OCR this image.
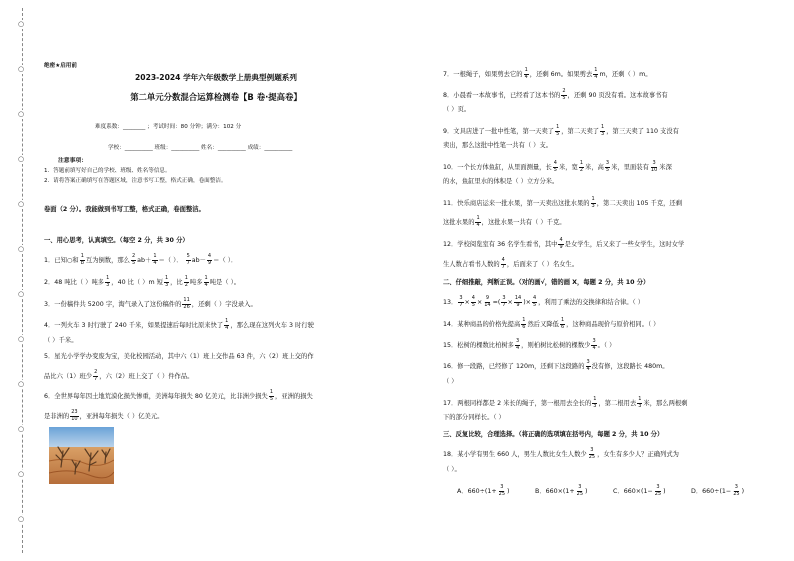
○
○
○
○
○
○
○
○
○
○
○
○
绝密★启用前
2023-2024 学年六年级数学上册典型例题系列
第二单元分数混合运算检测卷【B 卷·提高卷】
难度系数：________ ；考试时间：80 分钟；满分：102 分
学校：__________ 班级：__________ 姓名：__________ 成绩：__________
注意事项：
1．答题前填写好自己的学校、班级、姓名等信息。
2．请将答案正确填写在答题区域，注意书写工整，格式正确，卷面整洁。
卷面（2 分）。我能做到书写工整，格式正确，卷面整洁。
一、用心思考，认真填空。（每空 2 分，共 30 分）
1．已知○和 $\frac{1}{b}$ 互为倒数，那么 $\frac{2}{5} ab+ \frac{1}{4}$ ＝（ ）． $\frac{5}{7} ab- \frac{4}{9}$ ＝（ ）．
2．48 吨比（ ）吨多 $\frac{1}{3}$ ，40 比（ ）m 短 $\frac{1}{3}$ ，比 $\frac{1}{2}$ 吨多 $\frac{1}{4}$ 吨是（ ）。
3．一份稿件共 5200 字，淘气录入了这份稿件的 $\frac{11}{26}$ ，还剩（ ）字没录入。
4．一列火车 3 时行驶了 240 千米，如果提速后每时比原来快了 $\frac{1}{4}$ ，那么现在这列火车 3 时行驶
（ ）千米。
5．星光小学学办变废为宝，美化校园活动，其中六（1）班上交作品 63 件，六（2）班上交的作
品比六（1）班少 $\frac{2}{7}$ ，六（2）班上交了（ ）件作品。
6．全世界每年因土地荒漠化损失惨重，美洲每年损失 80 亿美元，比非洲少损失 $\frac{1}{5}$ ，亚洲的损失
是非洲的 $\frac{23}{10}$ ，亚洲每年损失（ ）亿美元。
7．一根绳子，如果剪去它的 $\frac{1}{4}$ ，还剩 6m。如果剪去 $\frac{1}{4}$ m，还剩（ ）m。
8．小晨看一本故事书，已经看了这本书的 $\frac{2}{5}$ ，还剩 90 页没有看。这本故事书有
（ ）页。
9．文具店进了一批中性笔，第一天卖了 $\frac{1}{5}$ ，第二天卖了 $\frac{1}{3}$ ，第三天卖了 110 支没有
卖出，那么这批中性笔一共有（ ）支。
10．一个长方体鱼缸，从里面测量，长 $\frac{4}{5}$ 米，宽 $\frac{1}{2}$ 米，高 $\frac{3}{5}$ 米，里面装有 $\frac{3}{10}$ 米深
的水，鱼缸里水的体积是（ ）立方分米。
11．快乐商店运来一批水果，第一天卖出这批水果的 $\frac{1}{3}$ ，第二天卖出 105 千克，还剩
这批水果的 $\frac{1}{4}$ ，这批水果一共有（ ）千克。
12．学校阅览室有 36 名学生看书，其中 $\frac{4}{9}$ 是女学生，后又来了一些女学生，这时女学
生人数占看书人数的 $\frac{4}{7}$ ，后面来了（ ）名女生。
二、仔细推敲，判断正误。（对的画√，错的画 X，每题 2 分，共 10 分）
13． $\frac{3}{7} \times \frac{4}{5} \times \frac{9}{14}$ =( $\frac{3}{7} \times \frac{14}{9}$ )× $\frac{4}{5}$ ，利用了乘法的交换律和结合律。（ ）
14．某种商品的价格先提高 $\frac{1}{6}$ 然后又降低 $\frac{1}{6}$ ，这种商品现价与原价相同。（ ）
15．松树的棵数比柏树多 $\frac{3}{4}$ ，则柏树比松树的棵数少 $\frac{3}{4}$ 。（ ）
16．修一段路，已经修了 120m，还剩下这段路的 $\frac{3}{4}$ 没有修，这段路长 480m。
（ ）
17．两根同样都是 2 米长的绳子，第一根用去全长的 $\frac{1}{3}$ ，第二根用去 $\frac{1}{3}$ 米，那么两根剩
下的部分同样长。（ ）
三、反复比较，合理选择。（将正确的选项填在括号内，每题 2 分，共 10 分）
18．某小学有男生 660 人，男生人数比女生人数少 $\frac{3}{25}$ ，女生有多少人？正确列式为
（ ）。
A．$660\div(1+ \frac{3}{25}$ )	B．$660\times(1+ \frac{3}{25}$ )	C．$660\times(1- \frac{3}{25}$ )	D．$660\div(1- \frac{3}{25}$ )
